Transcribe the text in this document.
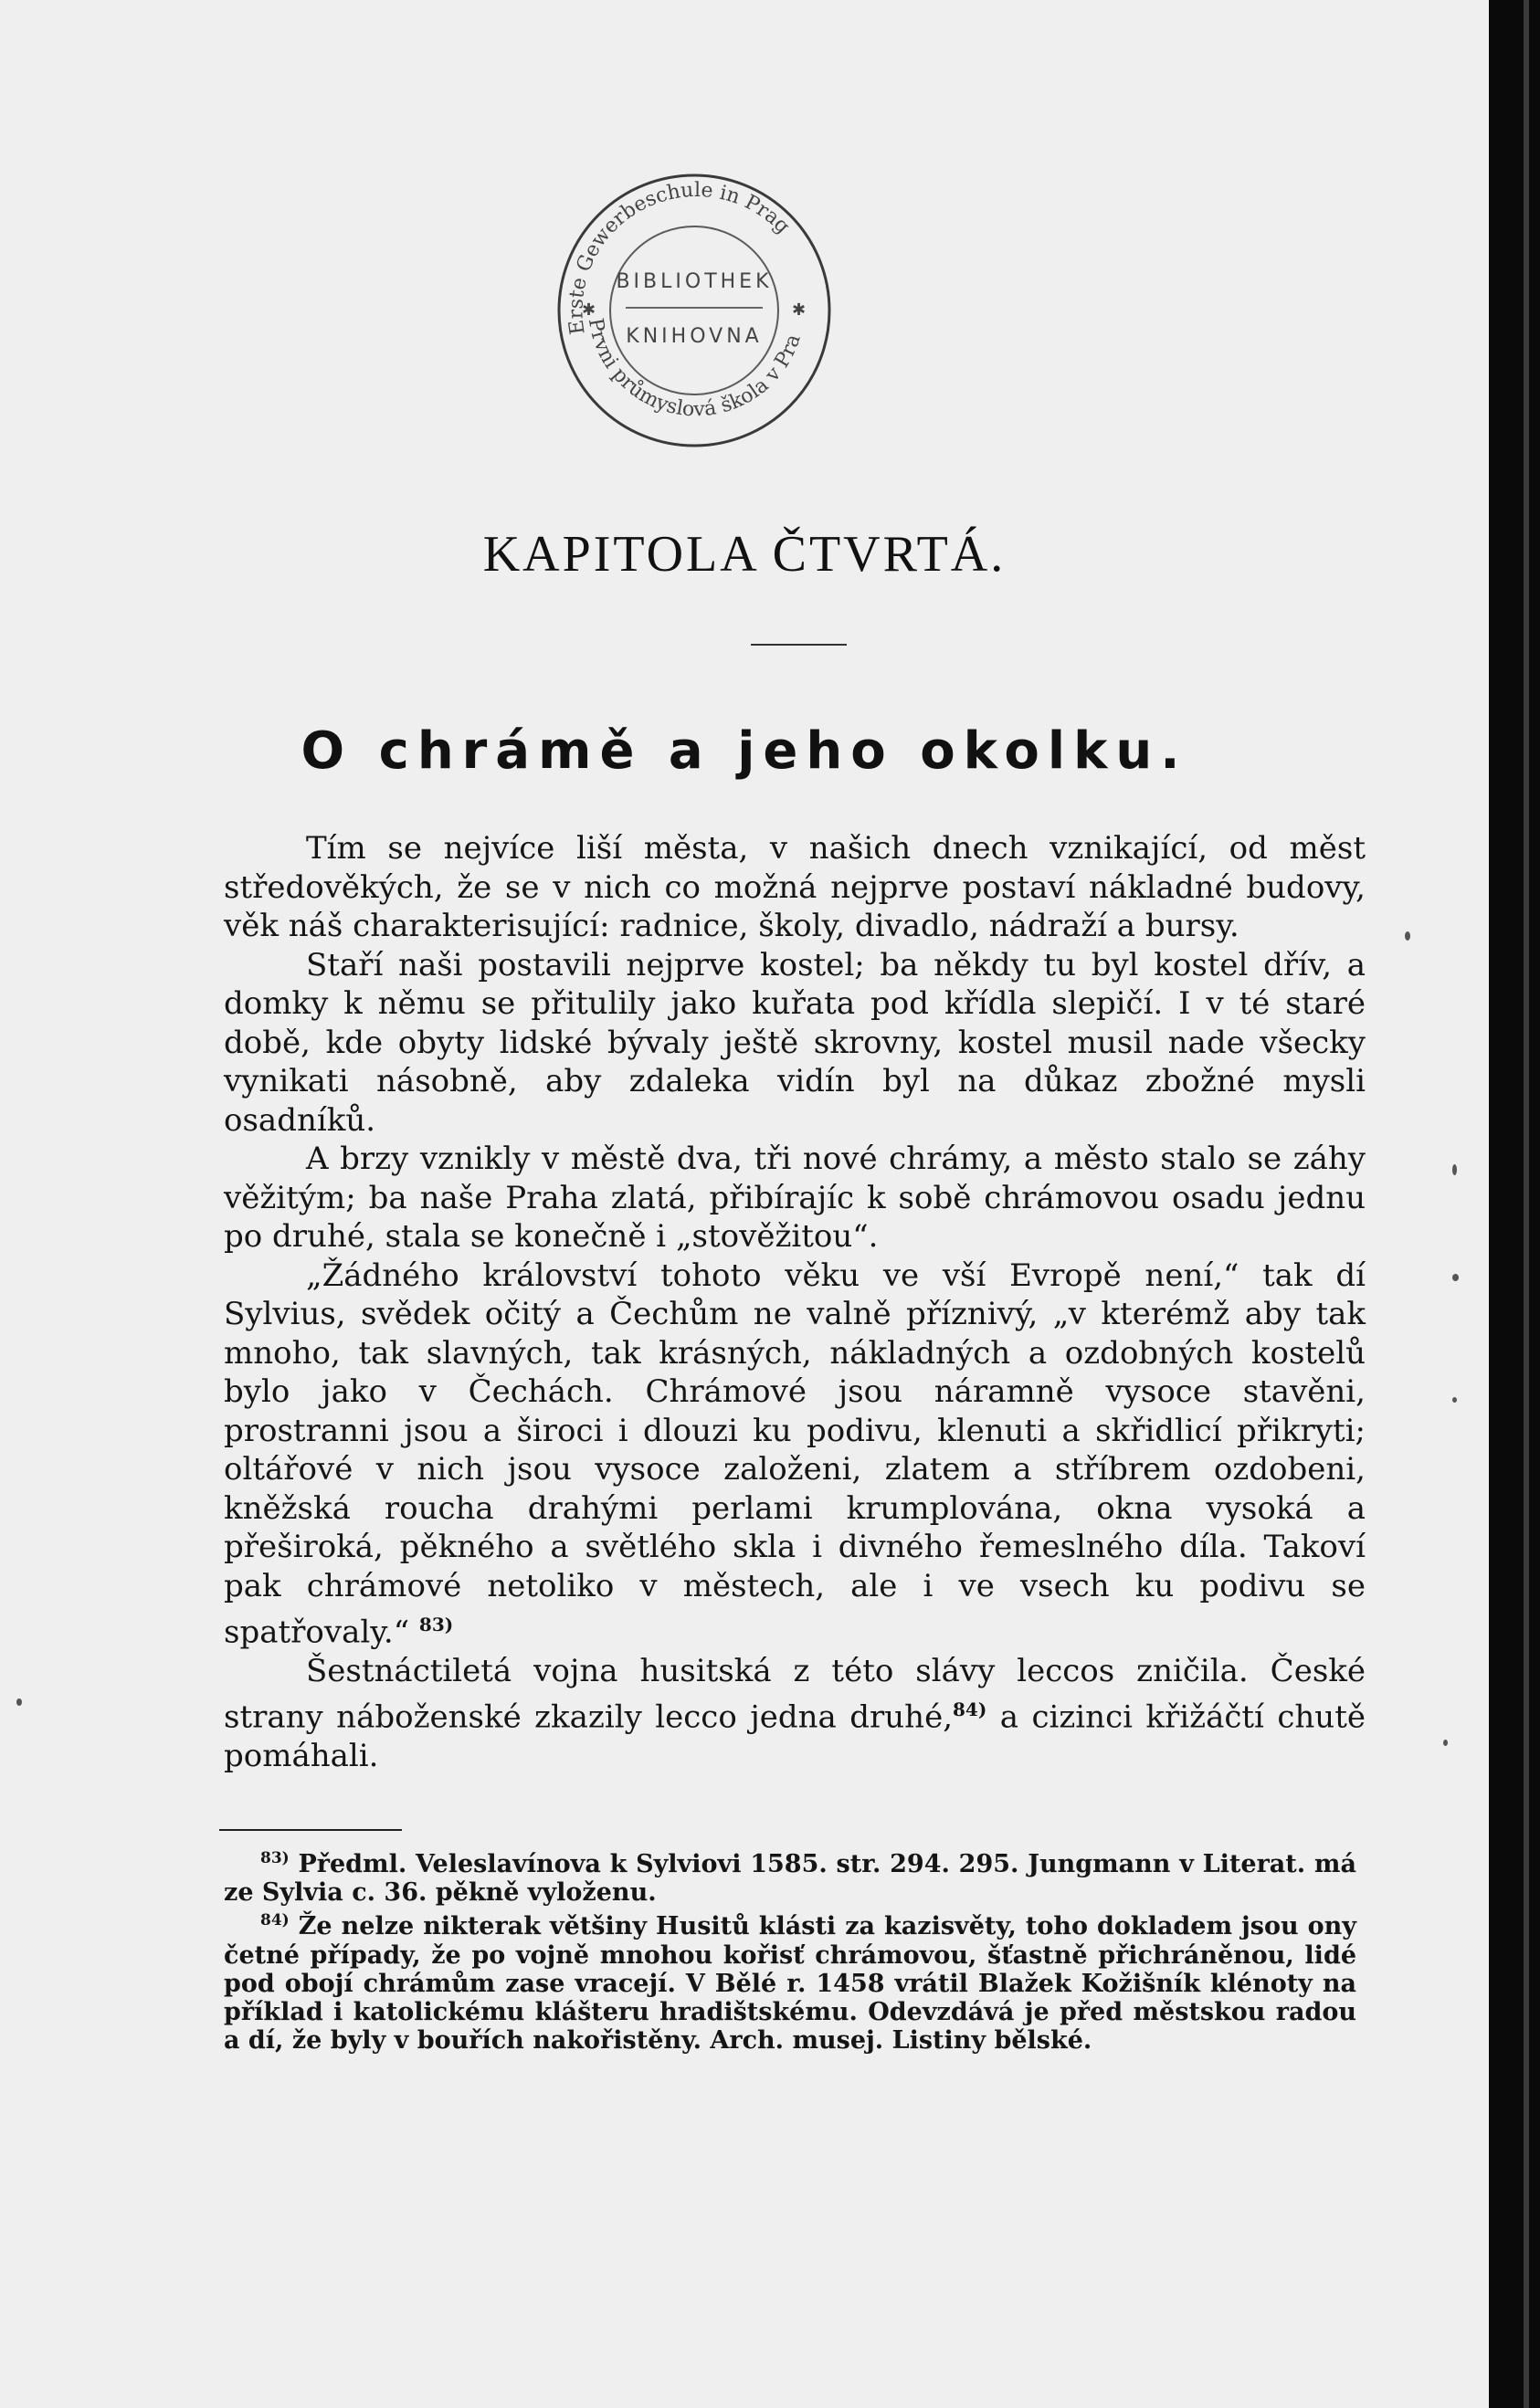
Erste Gewerbeschule in Prag
Prvni průmyslová škola v Pra
BIBLIOTHEK
KNIHOVNA
✱	✱
KAPITOLA ČTVRTÁ.
O chrámě a jeho okolku.

Tím se nejvíce liší města, v našich dnech vznikající, od měst středověkých, že se v nich co možná nejprve postaví nákladné budovy, věk náš charakterisující: radnice, školy, divadlo, nádraží a bursy.

Staří naši postavili nejprve kostel; ba někdy tu byl kostel dřív, a domky k němu se přitulily jako kuřata pod křídla slepičí. I v té staré době, kde obyty lidské bývaly ještě skrovny, kostel musil nade všecky vynikati násobně, aby zdaleka vidín byl na důkaz zbožné mysli osadníků.

A brzy vznikly v městě dva, tři nové chrámy, a město stalo se záhy věžitým; ba naše Praha zlatá, přibírajíc k sobě chrámovou osadu jednu po druhé, stala se konečně i „stověžitou“.

„Žádného království tohoto věku ve vší Evropě není,“ tak dí Sylvius, svědek očitý a Čechům ne valně příznivý, „v kterémž aby tak mnoho, tak slavných, tak krásných, nákladných a ozdobných kostelů bylo jako v Čechách. Chrámové jsou náramně vysoce stavěni, prostranni jsou a široci i dlouzi ku podivu, klenuti a skřidlicí přikryti; oltářové v nich jsou vysoce založeni, zlatem a stříbrem ozdobeni, kněžská roucha drahými perlami krumplována, okna vysoká a přeširoká, pěkného a světlého skla i divného řemeslného díla. Takoví pak chrámové netoliko v městech, ale i ve vsech ku podivu se spatřovaly.“ $^{83)}$

Šestnáctiletá vojna husitská z této slávy leccos zničila. České strany náboženské zkazily lecco jedna druhé,$^{84)}$ a cizinci křižáčtí chutě pomáhali.

$^{83)}$ Předml. Veleslavínova k Sylviovi 1585. str. 294. 295. Jungmann v Literat. má ze Sylvia c. 36. pěkně vyloženu.

$^{84)}$ Že nelze nikterak většiny Husitů klásti za kazisvěty, toho dokladem jsou ony četné případy, že po vojně mnohou kořisť chrámovou, šťastně přichráněnou, lidé pod obojí chrámům zase vracejí. V Bělé r. 1458 vrátil Blažek Kožišník klénoty na příklad i katolickému klášteru hradištskému. Odevzdává je před městskou radou a dí, že byly v bouřích nakořistěny. Arch. musej. Listiny bělské.
